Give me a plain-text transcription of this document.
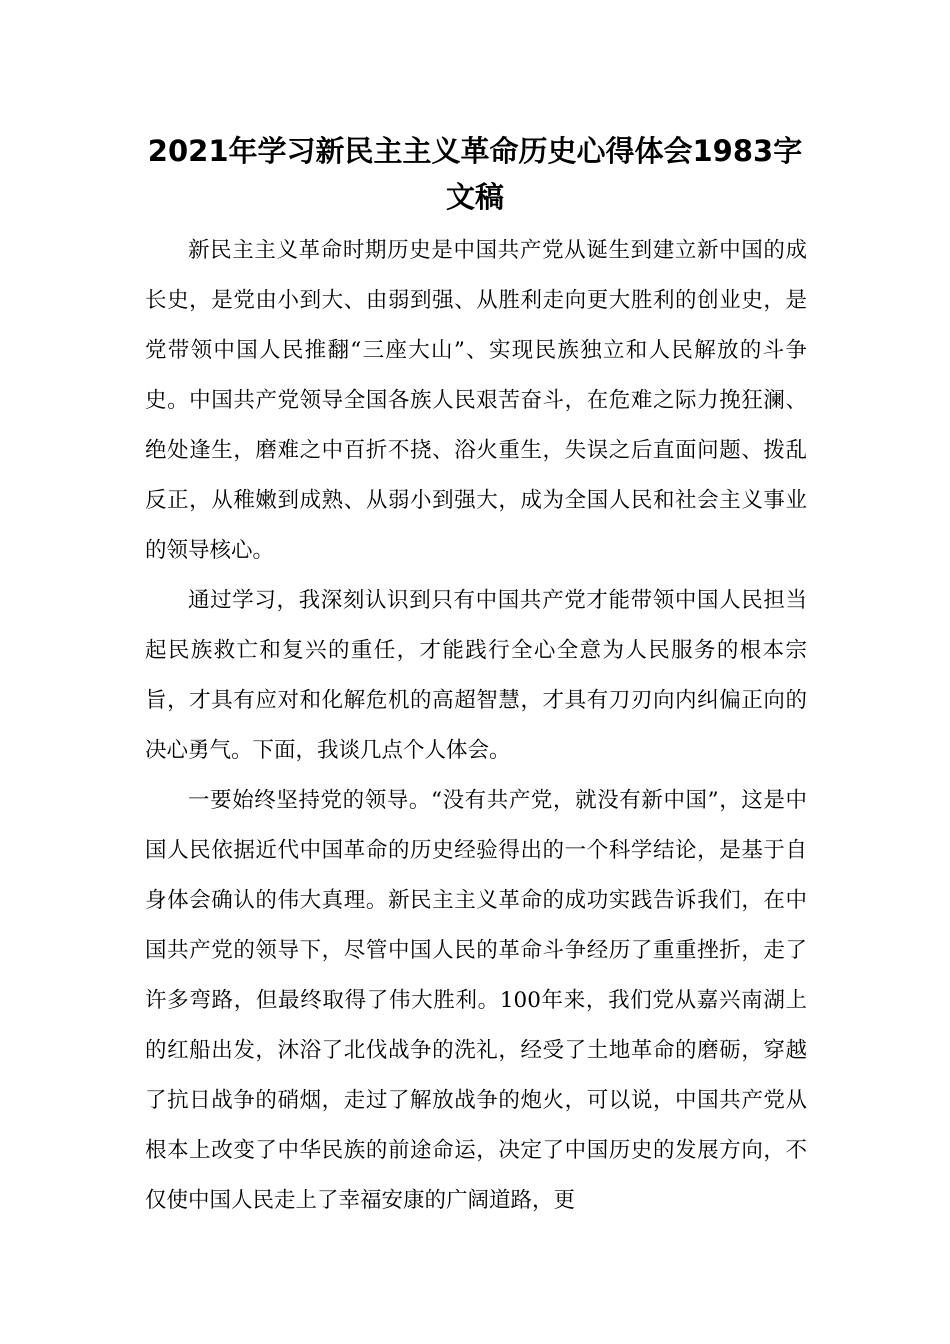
2021年学习新民主主义革命历史心得体会1983字文稿

新民主主义革命时期历史是中国共产党从诞生到建立新中国的成长史，是党由小到大、由弱到强、从胜利走向更大胜利的创业史，是党带领中国人民推翻“三座大山”、实现民族独立和人民解放的斗争史。中国共产党领导全国各族人民艰苦奋斗，在危难之际力挽狂澜、绝处逢生，磨难之中百折不挠、浴火重生，失误之后直面问题、拨乱反正，从稚嫩到成熟、从弱小到强大，成为全国人民和社会主义事业的领导核心。

通过学习，我深刻认识到只有中国共产党才能带领中国人民担当起民族救亡和复兴的重任，才能践行全心全意为人民服务的根本宗旨，才具有应对和化解危机的高超智慧，才具有刀刃向内纠偏正向的决心勇气。下面，我谈几点个人体会。

一要始终坚持党的领导。“没有共产党，就没有新中国”，这是中国人民依据近代中国革命的历史经验得出的一个科学结论，是基于自身体会确认的伟大真理。新民主主义革命的成功实践告诉我们，在中国共产党的领导下，尽管中国人民的革命斗争经历了重重挫折，走了许多弯路，但最终取得了伟大胜利。100年来，我们党从嘉兴南湖上的红船出发，沐浴了北伐战争的洗礼，经受了土地革命的磨砺，穿越了抗日战争的硝烟，走过了解放战争的炮火，可以说，中国共产党从根本上改变了中华民族的前途命运，决定了中国历史的发展方向，不仅使中国人民走上了幸福安康的广阔道路，更
